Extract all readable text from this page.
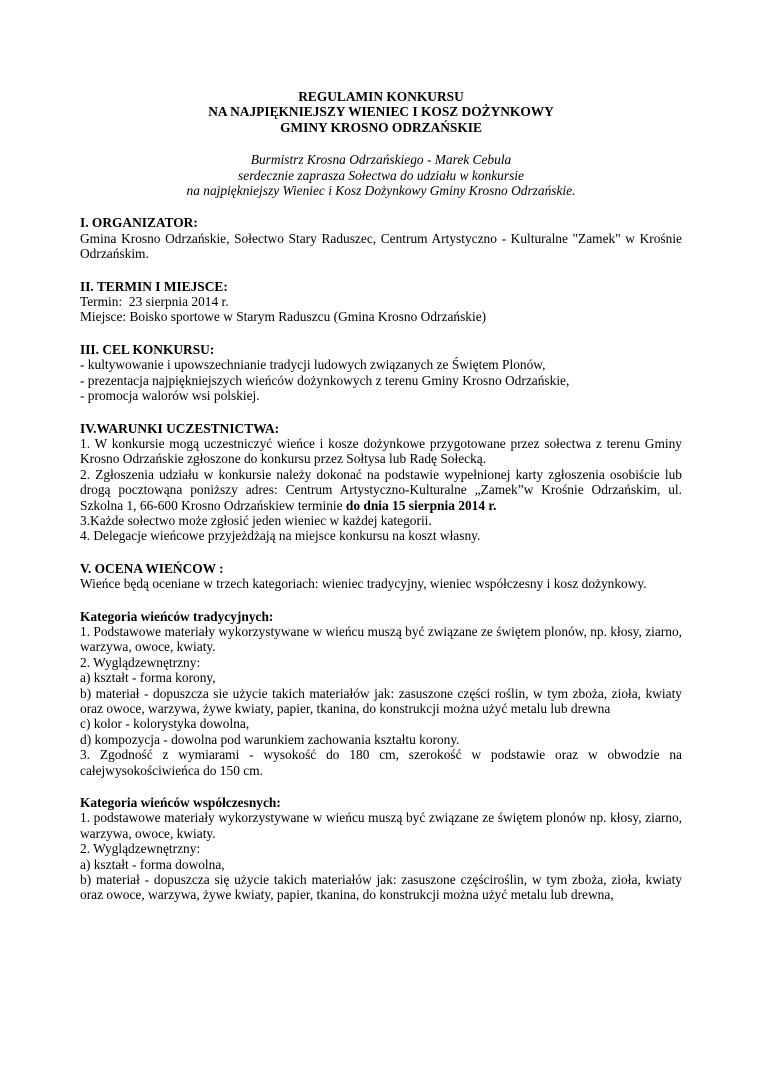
REGULAMIN KONKURSU
NA NAJPIĘKNIEJSZY WIENIEC I KOSZ DOŻYNKOWY
GMINY KROSNO ODRZAŃSKIE
Burmistrz Krosna Odrzańskiego - Marek Cebula
serdecznie zaprasza Sołectwa do udziału w konkursie
na najpiękniejszy Wieniec i Kosz Dożynkowy Gminy Krosno Odrzańskie.
I. ORGANIZATOR:
Gmina Krosno Odrzańskie, Sołectwo Stary Raduszec, Centrum Artystyczno - Kulturalne "Zamek" w Krośnie Odrzańskim.
II. TERMIN I MIEJSCE:
Termin:  23 sierpnia 2014 r.
Miejsce: Boisko sportowe w Starym Raduszcu (Gmina Krosno Odrzańskie)
III. CEL KONKURSU:
- kultywowanie i upowszechnianie tradycji ludowych związanych ze Świętem Plonów,
- prezentacja najpiękniejszych wieńców dożynkowych z terenu Gminy Krosno Odrzańskie,
- promocja walorów wsi polskiej.
IV.WARUNKI UCZESTNICTWA:
1. W konkursie mogą uczestniczyć wieńce i kosze dożynkowe przygotowane przez sołectwa z terenu Gminy Krosno Odrzańskie zgłoszone do konkursu przez Sołtysa lub Radę Sołecką.
2. Zgłoszenia udziału w konkursie należy dokonać na podstawie wypełnionej karty zgłoszenia osobiście lub drogą pocztowąna poniższy adres: Centrum Artystyczno-Kulturalne „Zamek”w Krośnie Odrzańskim, ul. Szkolna 1, 66-600 Krosno Odrzańskiew terminie do dnia 15 sierpnia 2014 r.
3.Każde sołectwo może zgłosić jeden wieniec w każdej kategorii.
4. Delegacje wieńcowe przyjeżdżają na miejsce konkursu na koszt własny.
V. OCENA WIEŃCOW :
Wieńce będą oceniane w trzech kategoriach: wieniec tradycyjny, wieniec współczesny i kosz dożynkowy.
Kategoria wieńców tradycyjnych:
1. Podstawowe materiały wykorzystywane w wieńcu muszą być związane ze świętem plonów, np. kłosy, ziarno, warzywa, owoce, kwiaty.
2. Wyglądzewnętrzny:
a) kształt - forma korony,
b) materiał - dopuszcza sie użycie takich materiałów jak: zasuszone części roślin, w tym zboża, zioła, kwiaty oraz owoce, warzywa, żywe kwiaty, papier, tkanina, do konstrukcji można użyć metalu lub drewna
c) kolor - kolorystyka dowolna,
d) kompozycja - dowolna pod warunkiem zachowania kształtu korony.
3. Zgodność z wymiarami - wysokość do 180 cm, szerokość w podstawie oraz w obwodzie na całejwysokościwieńca do 150 cm.
Kategoria wieńców współczesnych:
1. podstawowe materiały wykorzystywane w wieńcu muszą być związane ze świętem plonów np. kłosy, ziarno, warzywa, owoce, kwiaty.
2. Wyglądzewnętrzny:
a) kształt - forma dowolna,
b) materiał - dopuszcza się użycie takich materiałów jak: zasuszone częściroślin, w tym zboża, zioła, kwiaty oraz owoce, warzywa, żywe kwiaty, papier, tkanina, do konstrukcji można użyć metalu lub drewna,
